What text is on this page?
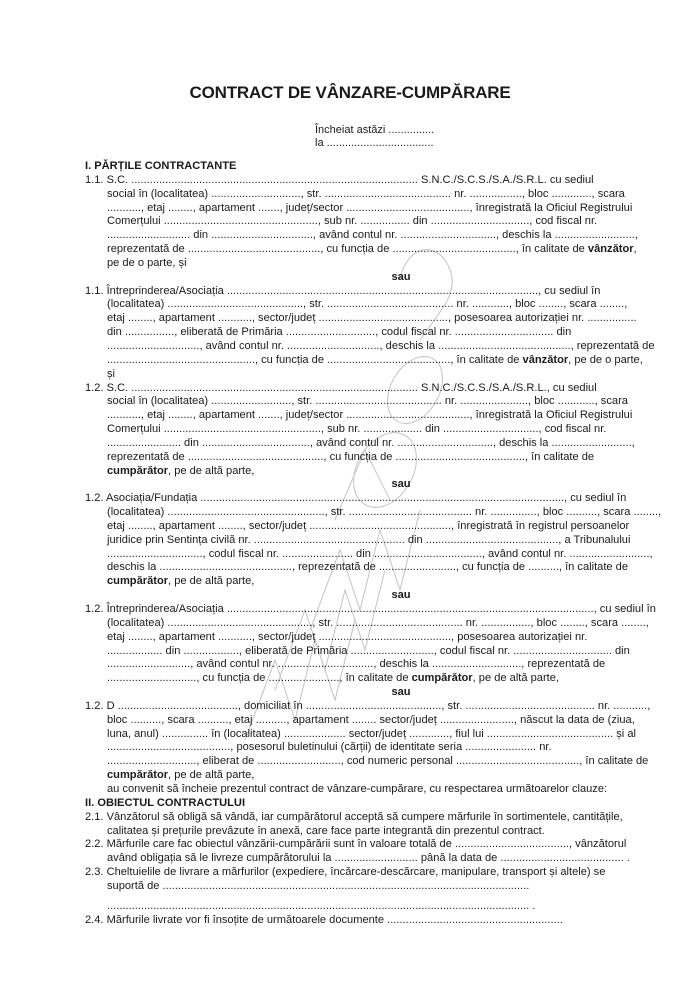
CONTRACT DE VÂNZARE-CUMPĂRARE
Încheiat astăzi ...............
la ...................................
I. PĂRȚILE CONTRACTANTE
1.1. S.C. ............................................................................................. S.N.C./S.C.S./S.A./S.R.L. cu sediul
social în (localitatea) ............................., str. ......................................... nr. ................., bloc ............., scara
..........., etaj ........, apartament ......., județ/sector ........................................, înregistrată la Oficiul Registrului
Comerțului .................................................., sub nr. ................ din ................................, cod fiscal nr.
........................... din ................................., având contul nr. ..............................., deschis la ..........................,
reprezentată de ..........................................., cu funcția de ........................................, în calitate de vânzător,
pe de o parte, și
sau
1.1. Întreprinderea/Asociația ....................................................................................................., cu sediul în
(localitatea) ............................................, str. ......................................... nr. ............, bloc ........, scara ........,
etaj ........, apartament ..........., sector/județ .........................................., posesoarea autorizației nr. ................
din ................, eliberată de Primăria ............................., codul fiscal nr. ................................ din
.............................., având contul nr. .............................., deschis la ..........................................., reprezentată de
................................................, cu funcția de ........................................, în calitate de vânzător, pe de o parte,
și
1.2. S.C. ............................................................................................. S.N.C./S.C.S./S.A./S.R.L., cu sediul
social în (localitatea) .........................., str. ......................................... nr. ......................, bloc ............, scara
..........., etaj ........, apartament ......., județ/sector ........................................, înregistrată la Oficiul Registrului
Comerțului ..................................................., sub nr. ................... din ..............................., cod fiscal nr.
........................ din ..................................., având contul nr. ..............................., deschis la ..........................,
reprezentată de ............................................, cu funcția de .........................................., în calitate de
cumpărător, pe de altă parte,
sau
1.2. Asociația/Fundația ......................................................................................................................, cu sediul în
(localitatea) ..................................................., str. ........................................ nr. ..............., bloc .........., scara ........,
etaj ........, apartament ........, sector/județ .............................................., înregistrată în registrul persoanelor
juridice prin Sentința civilă nr. ................................................. din ..........................................., a Tribunalului
..............................., codul fiscal nr. ....................... din ..................................., având contul nr. ..........................,
deschis la ..........................................., reprezentată de ........................., cu funcția de .........., în calitate de
cumpărător, pe de altă parte,
sau
1.2. Întreprinderea/Asociația ......................................................................................................................., cu sediul în
(localitatea) ..............................................., str. ......................................... nr. ................, bloc ........, scara ........,
etaj ........, apartament ..........., sector/județ ..........................................., posesoarea autorizației nr.
.................. din .................., eliberată de Primăria ..........................., codul fiscal nr. ................................ din
..........................., având contul nr. ..............................., deschis la ............................., reprezentată de
............................., cu funcția de ......................., în calitate de cumpărător, pe de altă parte,
sau
1.2. D ......................................., domiciliat în ............................................, str. .......................................... nr. ...........,
bloc .........., scara .........., etaj .........., apartament ........ sector/județ ........................, născut la data de (ziua,
luna, anul) ............... în (localitatea) .................... sector/județ ............., fiul lui ......................................... și al
........................................, posesorul buletinului (cărții) de identitate seria ....................... nr.
............................., eliberat de ..........................., cod numeric personal ........................................, în calitate de
cumpărător, pe de altă parte,
au convenit să încheie prezentul contract de vânzare-cumpărare, cu respectarea următoarelor clauze:
II. OBIECTUL CONTRACTULUI
2.1. Vânzătorul să obligă să vândă, iar cumpărătorul acceptă să cumpere mărfurile în sortimentele, cantitățile,
calitatea și prețurile prevăzute în anexă, care face parte integrantă din prezentul contract.
2.2. Mărfurile care fac obiectul vânzării-cumpărării sunt în valoare totală de ....................................., vânzătorul
având obligația să le livreze cumpărătorului la ........................... până la data de ........................................ .
2.3. Cheltuielile de livrare a mărfurilor (expediere, încărcare-descărcare, manipulare, transport și altele) se
suportă de .......................................................................................................................
......................................................................................................................................... .
2.4. Mărfurile livrate vor fi însoțite de următoarele documente .........................................................
